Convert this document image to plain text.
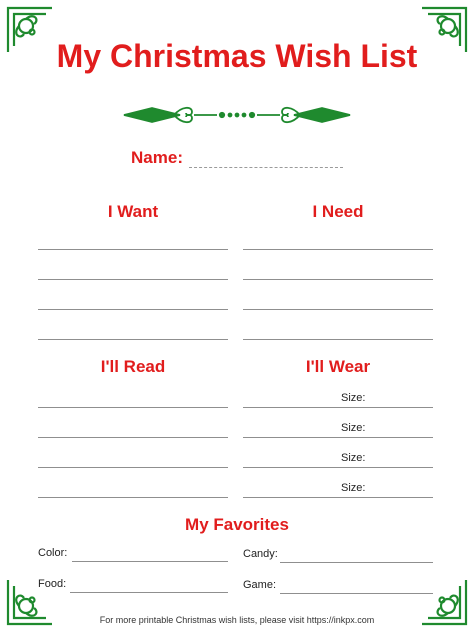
My Christmas Wish List
Name:
I Want	I Need
I'll Read	I'll Wear
Size:
Size:
Size:
Size:
My Favorites
Color:	Candy:
Food:	Game:
For more printable Christmas wish lists, please visit https://inkpx.com
